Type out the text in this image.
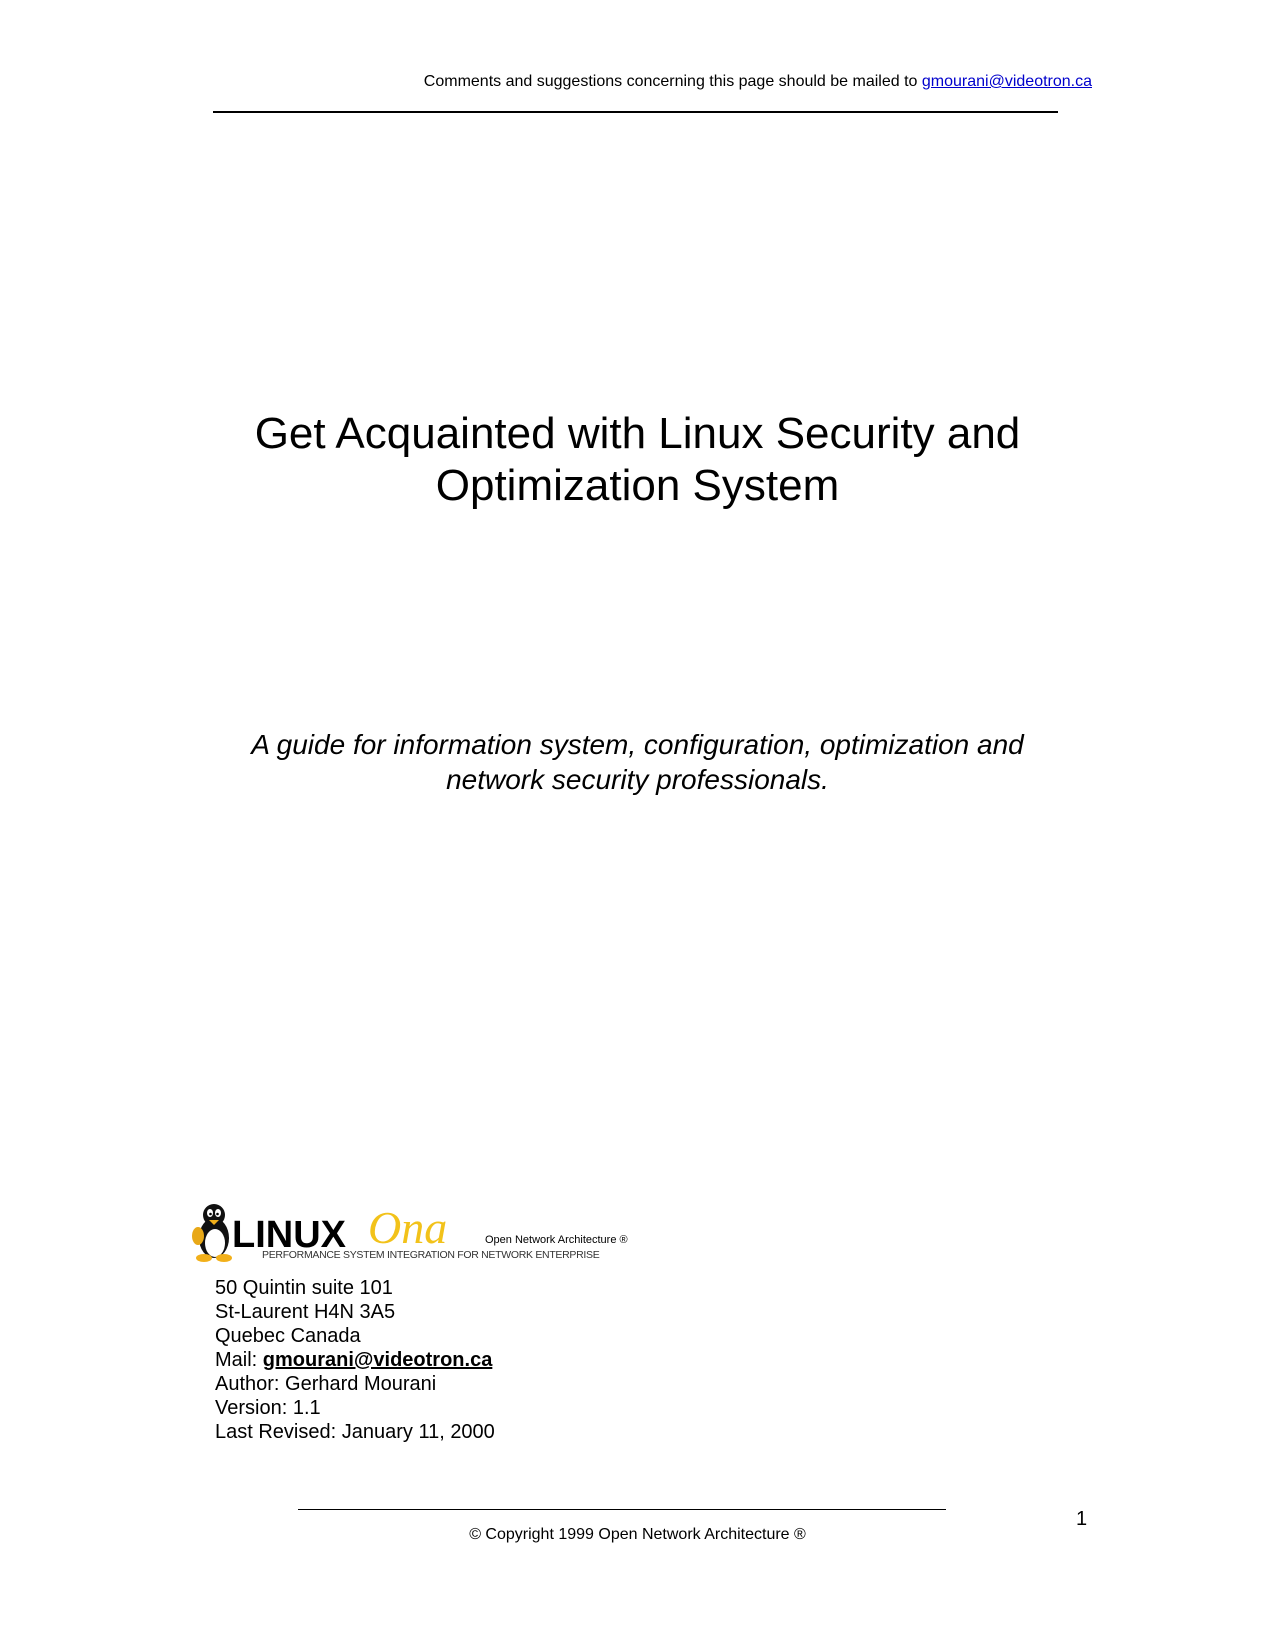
Comments and suggestions concerning this page should be mailed to gmourani@videotron.ca
Get Acquainted with Linux Security and
Optimization System
A guide for information system, configuration, optimization and
network security professionals.
LINUX Ona	Open Network Architecture ®
PERFORMANCE SYSTEM INTEGRATION FOR NETWORK ENTERPRISE
50 Quintin suite 101
St-Laurent H4N 3A5
Quebec Canada
Mail: gmourani@videotron.ca
Author: Gerhard Mourani
Version: 1.1
Last Revised: January 11, 2000
1
© Copyright 1999 Open Network Architecture ®
